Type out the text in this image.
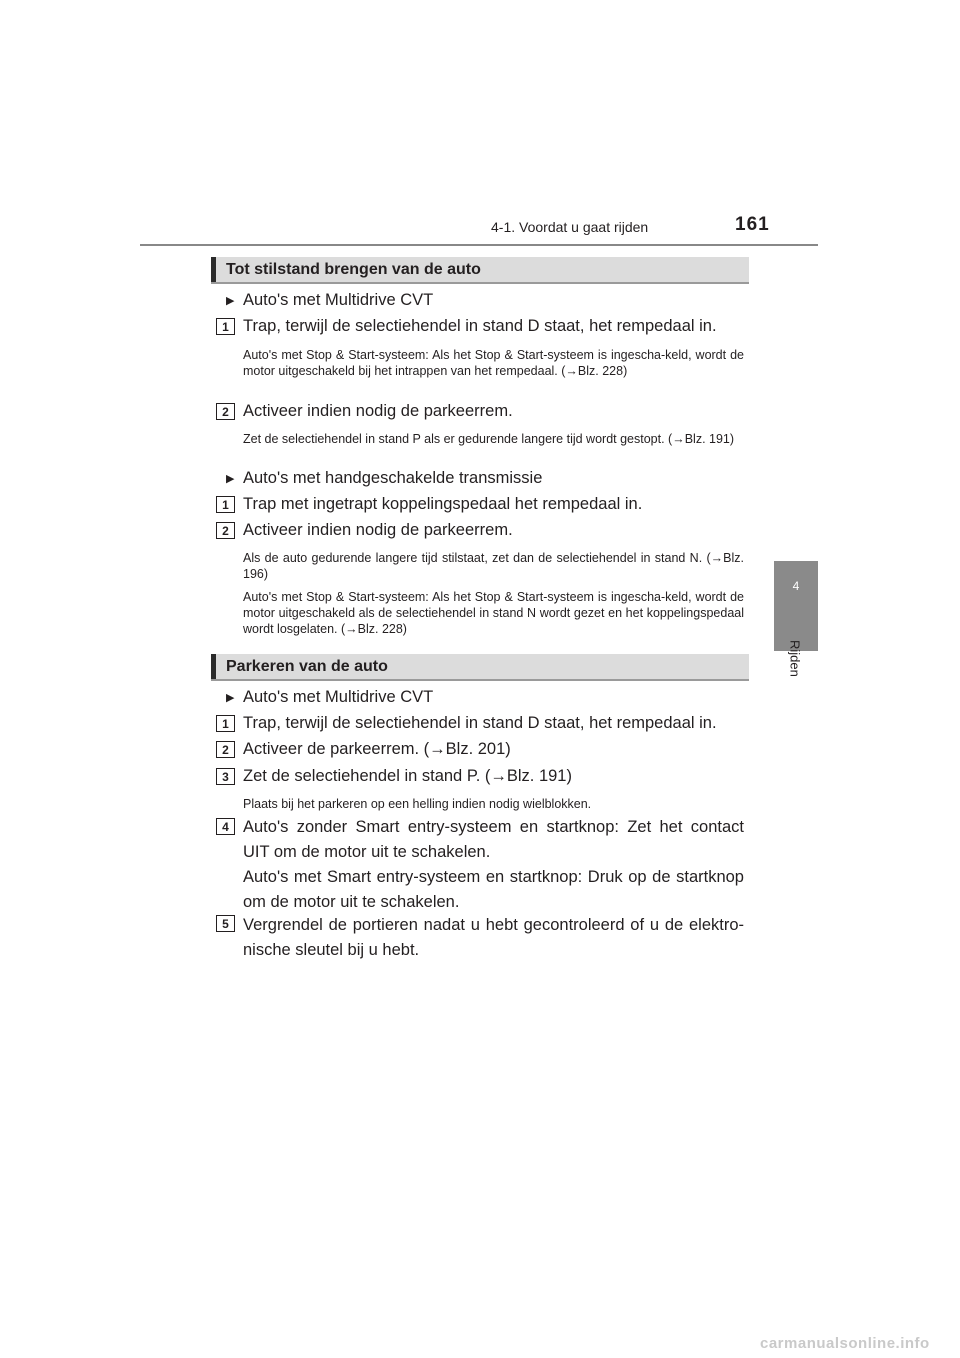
4-1. Voordat u gaat rijden	161
4
Rijden
Tot stilstand brengen van de auto
▶ Auto's met Multidrive CVT
1 Trap, terwijl de selectiehendel in stand D staat, het rempedaal in.
Auto's met Stop & Start-systeem: Als het Stop & Start-systeem is ingescha-keld, wordt de motor uitgeschakeld bij het intrappen van het rempedaal. (→Blz. 228)
2 Activeer indien nodig de parkeerrem.
Zet de selectiehendel in stand P als er gedurende langere tijd wordt gestopt. (→Blz. 191)
▶ Auto's met handgeschakelde transmissie
1 Trap met ingetrapt koppelingspedaal het rempedaal in.
2 Activeer indien nodig de parkeerrem.
Als de auto gedurende langere tijd stilstaat, zet dan de selectiehendel in stand N. (→Blz. 196)
Auto's met Stop & Start-systeem: Als het Stop & Start-systeem is ingescha-keld, wordt de motor uitgeschakeld als de selectiehendel in stand N wordt gezet en het koppelingspedaal wordt losgelaten. (→Blz. 228)
Parkeren van de auto
▶ Auto's met Multidrive CVT
1 Trap, terwijl de selectiehendel in stand D staat, het rempedaal in.
2 Activeer de parkeerrem. (→Blz. 201)
3 Zet de selectiehendel in stand P. (→Blz. 191)
Plaats bij het parkeren op een helling indien nodig wielblokken.
4 Auto's zonder Smart entry-systeem en startknop: Zet het contact UIT om de motor uit te schakelen.
Auto's met Smart entry-systeem en startknop: Druk op de startknop om de motor uit te schakelen.
5 Vergrendel de portieren nadat u hebt gecontroleerd of u de elektro-nische sleutel bij u hebt.
carmanualsonline.info
